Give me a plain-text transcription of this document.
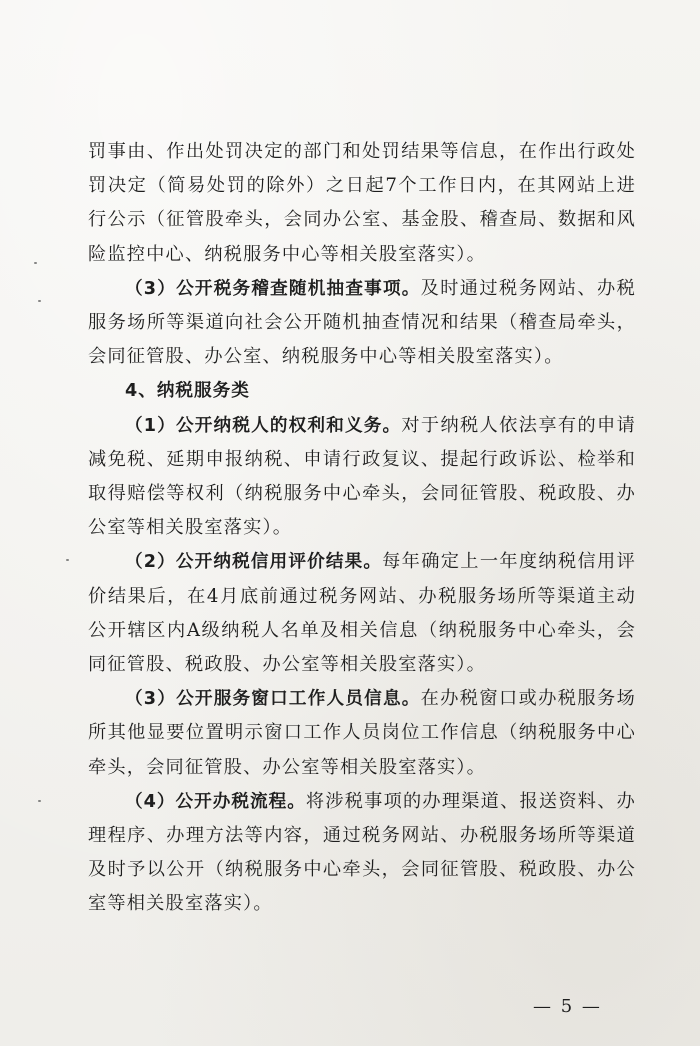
罚事由、作出处罚决定的部门和处罚结果等信息，在作出行政处罚决定（简易处罚的除外）之日起7个工作日内，在其网站上进行公示（征管股牵头，会同办公室、基金股、稽查局、数据和风险监控中心、纳税服务中心等相关股室落实）。

（3）公开税务稽查随机抽查事项。及时通过税务网站、办税服务场所等渠道向社会公开随机抽查情况和结果（稽查局牵头，会同征管股、办公室、纳税服务中心等相关股室落实）。

4、纳税服务类

（1）公开纳税人的权利和义务。对于纳税人依法享有的申请减免税、延期申报纳税、申请行政复议、提起行政诉讼、检举和取得赔偿等权利（纳税服务中心牵头，会同征管股、税政股、办公室等相关股室落实）。

（2）公开纳税信用评价结果。每年确定上一年度纳税信用评价结果后，在4月底前通过税务网站、办税服务场所等渠道主动公开辖区内A级纳税人名单及相关信息（纳税服务中心牵头，会同征管股、税政股、办公室等相关股室落实）。

（3）公开服务窗口工作人员信息。在办税窗口或办税服务场所其他显要位置明示窗口工作人员岗位工作信息（纳税服务中心牵头，会同征管股、办公室等相关股室落实）。

（4）公开办税流程。将涉税事项的办理渠道、报送资料、办理程序、办理方法等内容，通过税务网站、办税服务场所等渠道及时予以公开（纳税服务中心牵头，会同征管股、税政股、办公室等相关股室落实）。

— 5 —
